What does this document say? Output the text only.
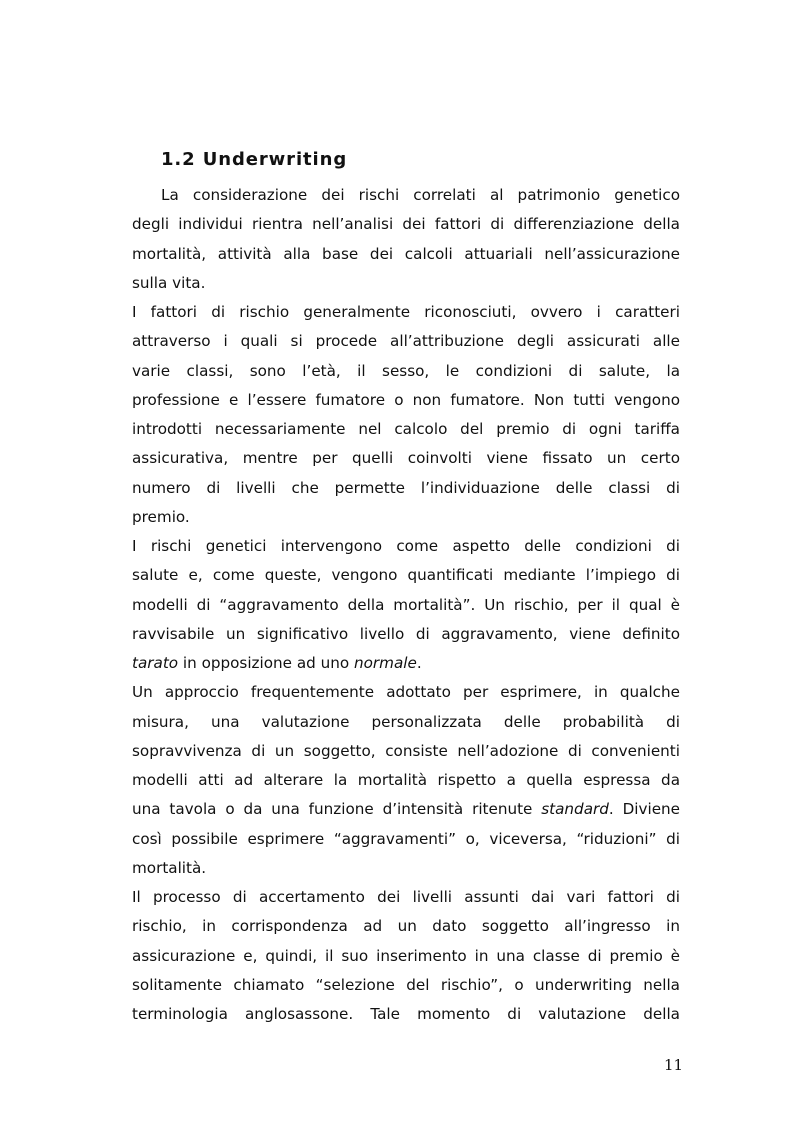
1.2 Underwriting
La considerazione dei rischi correlati al patrimonio genetico
degli individui rientra nell’analisi dei fattori di differenziazione della
mortalità, attività alla base dei calcoli attuariali nell’assicurazione
sulla vita.
I fattori di rischio generalmente riconosciuti, ovvero i caratteri
attraverso i quali si procede all’attribuzione degli assicurati alle
varie classi, sono l’età, il sesso, le condizioni di salute, la
professione e l’essere fumatore o non fumatore. Non tutti vengono
introdotti necessariamente nel calcolo del premio di ogni tariffa
assicurativa, mentre per quelli coinvolti viene fissato un certo
numero di livelli che permette l’individuazione delle classi di
premio.
I rischi genetici intervengono come aspetto delle condizioni di
salute e, come queste, vengono quantificati mediante l’impiego di
modelli di “aggravamento della mortalità”. Un rischio, per il qual è
ravvisabile un significativo livello di aggravamento, viene definito
tarato in opposizione ad uno normale.
Un approccio frequentemente adottato per esprimere, in qualche
misura, una valutazione personalizzata delle probabilità di
sopravvivenza di un soggetto, consiste nell’adozione di convenienti
modelli atti ad alterare la mortalità rispetto a quella espressa da
una tavola o da una funzione d’intensità ritenute standard. Diviene
così possibile esprimere “aggravamenti” o, viceversa, “riduzioni” di
mortalità.
Il processo di accertamento dei livelli assunti dai vari fattori di
rischio, in corrispondenza ad un dato soggetto all’ingresso in
assicurazione e, quindi, il suo inserimento in una classe di premio è
solitamente chiamato “selezione del rischio”, o underwriting nella
terminologia anglosassone. Tale momento di valutazione della
11
